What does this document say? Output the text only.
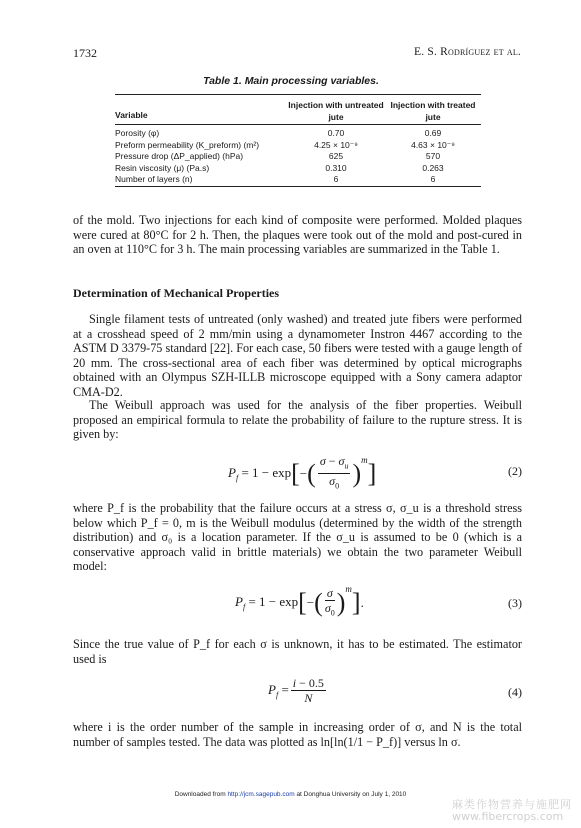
1732	E. S. Rodríguez et al.
Table 1. Main processing variables.
Variable	Injection with untreated jute	Injection with treated jute
Porosity (φ)	0.70	0.69
Preform permeability (K_preform) (m²)	4.25 × 10⁻⁹	4.63 × 10⁻⁹
Pressure drop (ΔP_applied) (hPa)	625	570
Resin viscosity (μ) (Pa.s)	0.310	0.263
Number of layers (n)	6	6

of the mold. Two injections for each kind of composite were performed. Molded plaques were cured at 80°C for 2 h. Then, the plaques were took out of the mold and post-cured in an oven at 110°C for 3 h. The main processing variables are summarized in the Table 1.

Determination of Mechanical Properties

Single filament tests of untreated (only washed) and treated jute fibers were performed at a crosshead speed of 2 mm/min using a dynamometer Instron 4467 according to the ASTM D 3379-75 standard [22]. For each case, 50 fibers were tested with a gauge length of 20 mm. The cross-sectional area of each fiber was determined by optical micrographs obtained with an Olympus SZH-ILLB microscope equipped with a Sony camera adaptor CMA-D2.

The Weibull approach was used for the analysis of the fiber properties. Weibull proposed an empirical formula to relate the probability of failure to the rupture stress. It is given by:

$P_f = 1 - \exp$ [ − ( $\frac{\sigma - \sigma_u}{\sigma_0}$ ) m ]	(2)

where P_f is the probability that the failure occurs at a stress σ, σ_u is a threshold stress below which P_f = 0, m is the Weibull modulus (determined by the width of the strength distribution) and σ₀ is a location parameter. If the σ_u is assumed to be 0 (which is a conservative approach valid in brittle materials) we obtain the two parameter Weibull model:

$P_f = 1 - \exp$ [ − ( $\frac{\sigma}{\sigma_0}$ ) m ] .	(3)

Since the true value of P_f for each σ is unknown, it has to be estimated. The estimator used is

$P_f = \frac{i - 0.5}{N}$	(4)

where i is the order number of the sample in increasing order of σ, and N is the total number of samples tested. The data was plotted as ln[ln(1/1 − P_f)] versus ln σ.

Downloaded from http://jcm.sagepub.com at Donghua University on July 1, 2010
麻类作物营养与施肥网
www.fibercrops.com
